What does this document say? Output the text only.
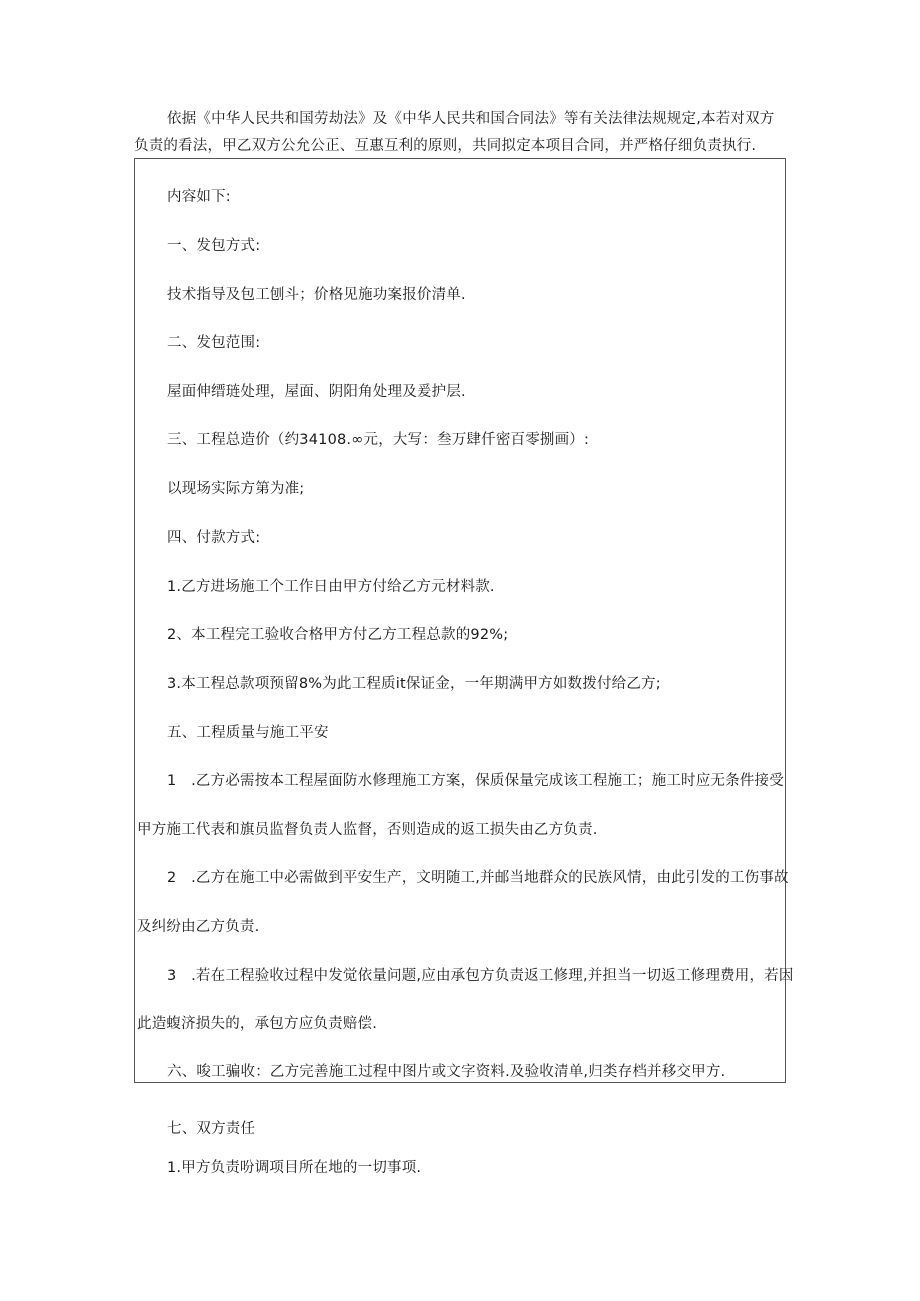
依据《中华人民共和国劳劫法》及《中华人民共和国合同法》等有关法律法规规定,本若对双方负责的看法，甲乙双方公允公正、互惠互利的原则，共同拟定本项目合同，并严格仔细负责执行.
内容如下:
一、发包方式:
技术指导及包工刨斗；价格见施功案报价清单.
二、发包范围:
屋面伸缙琏处理，屋面、阴阳角处理及爰护层.
三、工程总造价（约34108.∞元，大写：叁万肆仟密百零捌画）:
以现场实际方第为准;
四、付款方式:
1.乙方进场施工个工作日由甲方付给乙方元材料款.
2、本工程完工验收合格甲方付乙方工程总款的92%;
3.本工程总款项预留8%为此工程质it保证金，一年期满甲方如数拨付给乙方;
五、工程质量与施工平安
1　.乙方必需按本工程屋面防水修理施工方案，保质保量完成该工程施工；施工时应无条件接受
甲方施工代表和旗员监督负责人监督，否则造成的返工损失由乙方负责.
2　.乙方在施工中必需做到平安生产，文明随工,并邮当地群众的民族风情，由此引发的工伤事故
及纠纷由乙方负责.
3　.若在工程验收过程中发觉依量问题,应由承包方负责返工修理,并担当一切返工修理费用，若因
此造蝮济损失的，承包方应负责赔偿.
六、唆工骗收：乙方完善施工过程中图片或文字资料.及验收清单,归类存档并移交甲方.
七、双方责任
1.甲方负责吩调项目所在地的一切事项.
